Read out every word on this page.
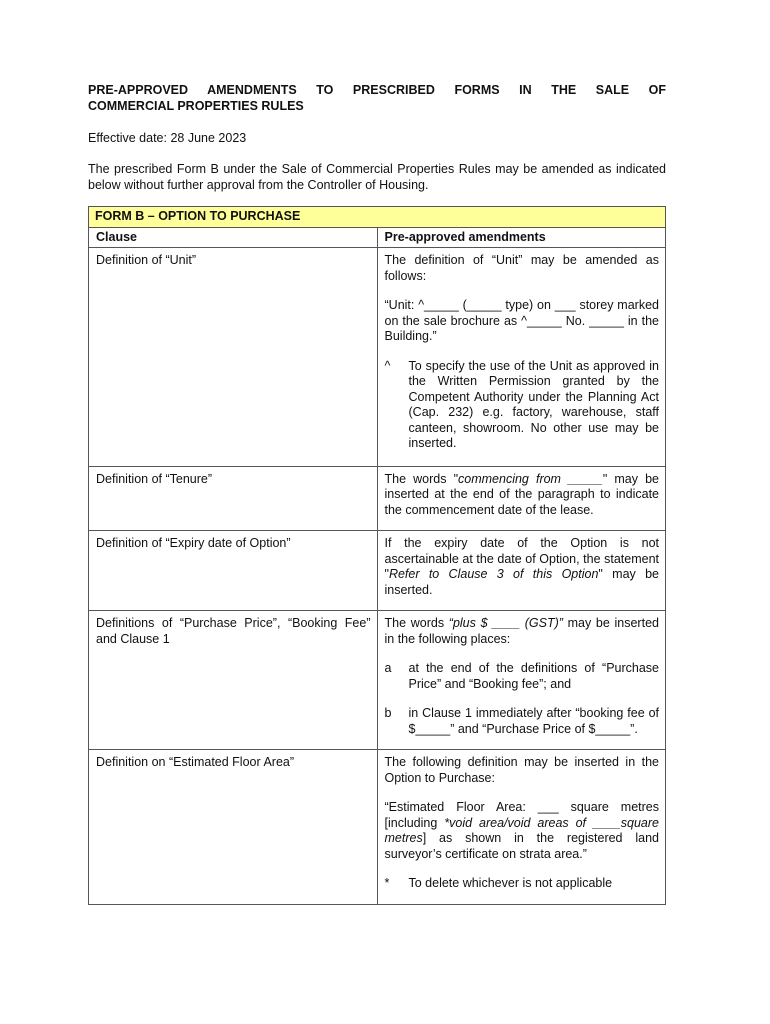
PRE-APPROVED AMENDMENTS TO PRESCRIBED FORMS IN THE SALE OF
COMMERCIAL PROPERTIES RULES

Effective date: 28 June 2023

The prescribed Form B under the Sale of Commercial Properties Rules may be amended as indicated below without further approval from the Controller of Housing.

FORM B – OPTION TO PURCHASE	
Clause	Pre-approved amendments
Definition of “Unit”	The definition of “Unit” may be amended as follows:

“Unit: ^_____ (_____ type) on ___ storey marked on the sale brochure as ^_____ No. _____ in the Building.”

^ To specify the use of the Unit as approved in the Written Permission granted by the Competent Authority under the Planning Act (Cap. 232) e.g. factory, warehouse, staff canteen, showroom. No other use may be inserted.

Definition of “Tenure”	The words "commencing from _____" may be inserted at the end of the paragraph to indicate the commencement date of the lease.

Definition of “Expiry date of Option”	If the expiry date of the Option is not ascertainable at the date of Option, the statement "Refer to Clause 3 of this Option" may be inserted.

Definitions of “Purchase Price”, “Booking Fee” and Clause 1	The words “plus $ ____ (GST)” may be inserted in the following places:

a at the end of the definitions of “Purchase Price” and “Booking fee”; and
b in Clause 1 immediately after “booking fee of $_____” and “Purchase Price of $_____”.

Definition on “Estimated Floor Area”	The following definition may be inserted in the Option to Purchase:

“Estimated Floor Area: ___ square metres [including *void area/void areas of ____square metres] as shown in the registered land surveyor’s certificate on strata area.”

* To delete whichever is not applicable
